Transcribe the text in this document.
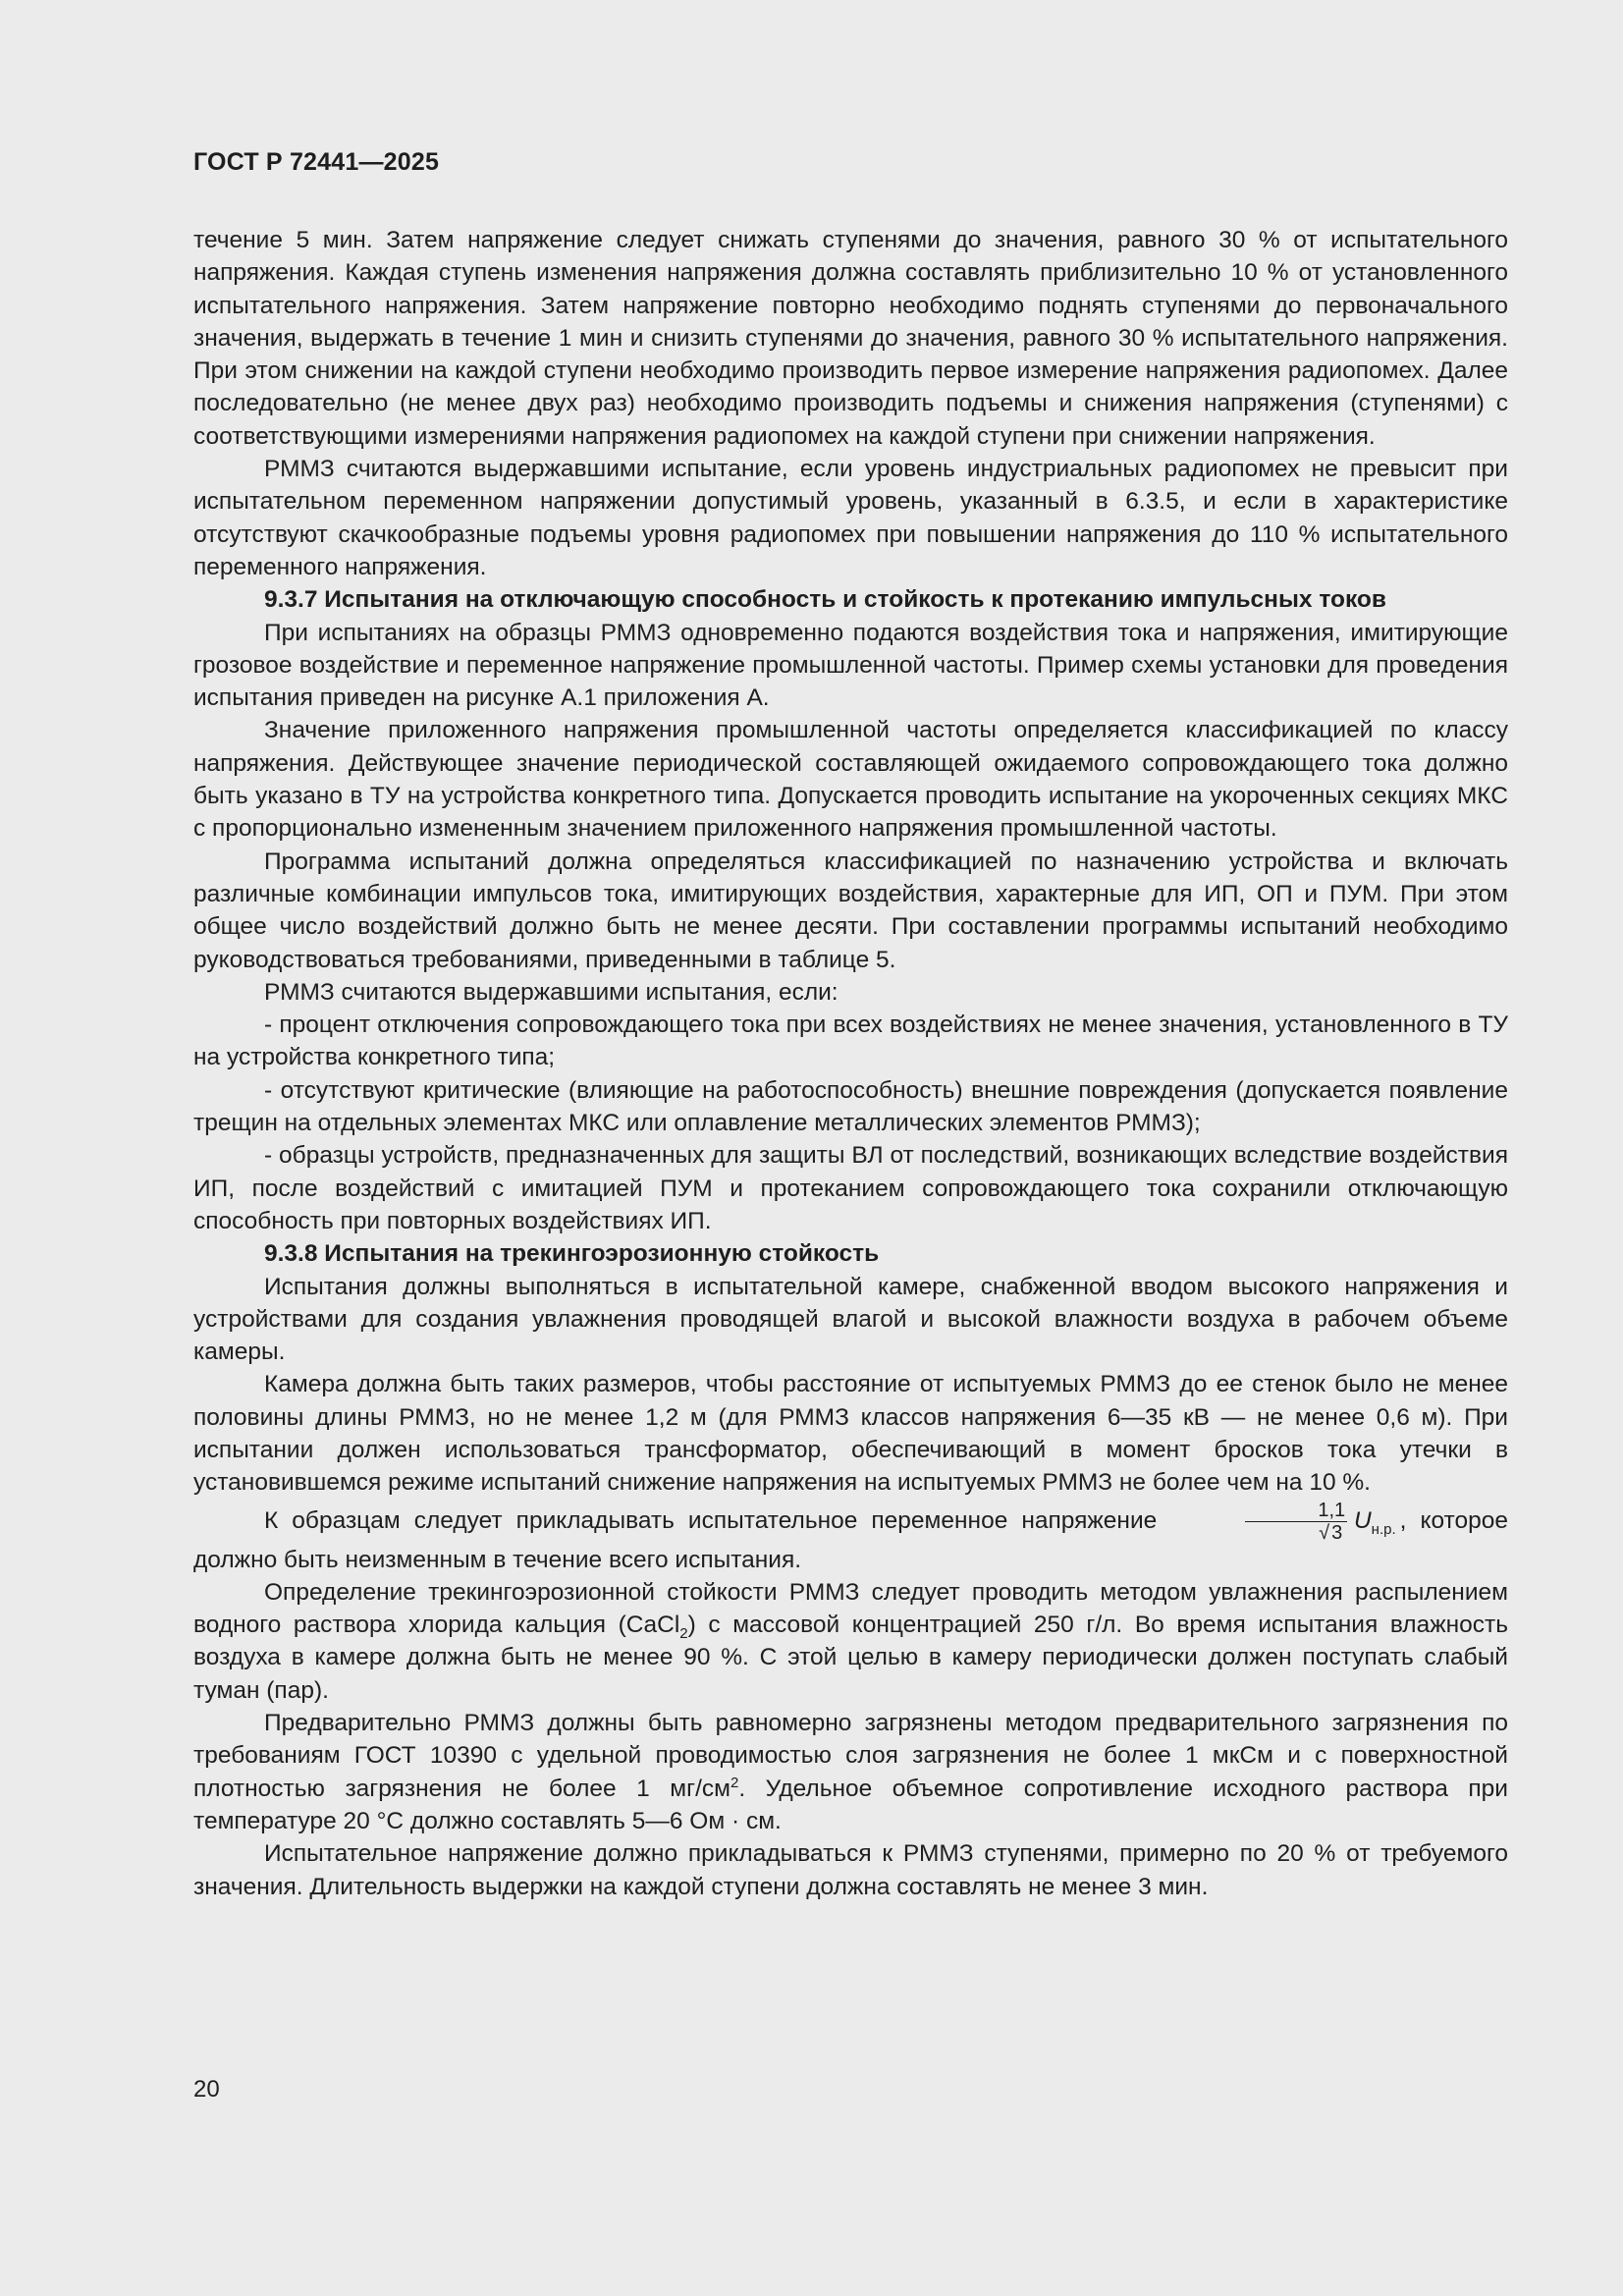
ГОСТ Р 72441—2025

течение 5 мин. Затем напряжение следует снижать ступенями до значения, равного 30 % от испытательного напряжения. Каждая ступень изменения напряжения должна составлять приблизительно 10 % от установленного испытательного напряжения. Затем напряжение повторно необходимо поднять ступенями до первоначального значения, выдержать в течение 1 мин и снизить ступенями до значения, равного 30 % испытательного напряжения. При этом снижении на каждой ступени необходимо производить первое измерение напряжения радиопомех. Далее последовательно (не менее двух раз) необходимо производить подъемы и снижения напряжения (ступенями) с соответствующими измерениями напряжения радиопомех на каждой ступени при снижении напряжения.

РММЗ считаются выдержавшими испытание, если уровень индустриальных радиопомех не превысит при испытательном переменном напряжении допустимый уровень, указанный в 6.3.5, и если в характеристике отсутствуют скачкообразные подъемы уровня радиопомех при повышении напряжения до 110 % испытательного переменного напряжения.

9.3.7 Испытания на отключающую способность и стойкость к протеканию импульсных токов

При испытаниях на образцы РММЗ одновременно подаются воздействия тока и напряжения, имитирующие грозовое воздействие и переменное напряжение промышленной частоты. Пример схемы установки для проведения испытания приведен на рисунке А.1 приложения А.

Значение приложенного напряжения промышленной частоты определяется классификацией по классу напряжения. Действующее значение периодической составляющей ожидаемого сопровождающего тока должно быть указано в ТУ на устройства конкретного типа. Допускается проводить испытание на укороченных секциях МКС с пропорционально измененным значением приложенного напряжения промышленной частоты.

Программа испытаний должна определяться классификацией по назначению устройства и включать различные комбинации импульсов тока, имитирующих воздействия, характерные для ИП, ОП и ПУМ. При этом общее число воздействий должно быть не менее десяти. При составлении программы испытаний необходимо руководствоваться требованиями, приведенными в таблице 5.

РММЗ считаются выдержавшими испытания, если:

- процент отключения сопровождающего тока при всех воздействиях не менее значения, установленного в ТУ на устройства конкретного типа;

- отсутствуют критические (влияющие на работоспособность) внешние повреждения (допускается появление трещин на отдельных элементах МКС или оплавление металлических элементов РММЗ);

- образцы устройств, предназначенных для защиты ВЛ от последствий, возникающих вследствие воздействия ИП, после воздействий с имитацией ПУМ и протеканием сопровождающего тока сохранили отключающую способность при повторных воздействиях ИП.

9.3.8 Испытания на трекингоэрозионную стойкость

Испытания должны выполняться в испытательной камере, снабженной вводом высокого напряжения и устройствами для создания увлажнения проводящей влагой и высокой влажности воздуха в рабочем объеме камеры.

Камера должна быть таких размеров, чтобы расстояние от испытуемых РММЗ до ее стенок было не менее половины длины РММЗ, но не менее 1,2 м (для РММЗ классов напряжения 6—35 кВ — не менее 0,6 м). При испытании должен использоваться трансформатор, обеспечивающий в момент бросков тока утечки в установившемся режиме испытаний снижение напряжения на испытуемых РММЗ не более чем на 10 %.

К образцам следует прикладывать испытательное переменное напряжение	$\frac{1,1}{√ 3} U_{н.р.}$ , которое должно быть неизменным в течение всего испытания.

Определение трекингоэрозионной стойкости РММЗ следует проводить методом увлажнения распылением водного раствора хлорида кальция (CaCl$_2$) с массовой концентрацией 250 г/л. Во время испытания влажность воздуха в камере должна быть не менее 90 %. С этой целью в камеру периодически должен поступать слабый туман (пар).

Предварительно РММЗ должны быть равномерно загрязнены методом предварительного загрязнения по требованиям ГОСТ 10390 с удельной проводимостью слоя загрязнения не более 1 мкСм и с поверхностной плотностью загрязнения не более 1 $мг/см^2$. Удельное объемное сопротивление исходного раствора при температуре 20 °С должно составлять 5—6 Ом · см.

Испытательное напряжение должно прикладываться к РММЗ ступенями, примерно по 20 % от требуемого значения. Длительность выдержки на каждой ступени должна составлять не менее 3 мин.

20
